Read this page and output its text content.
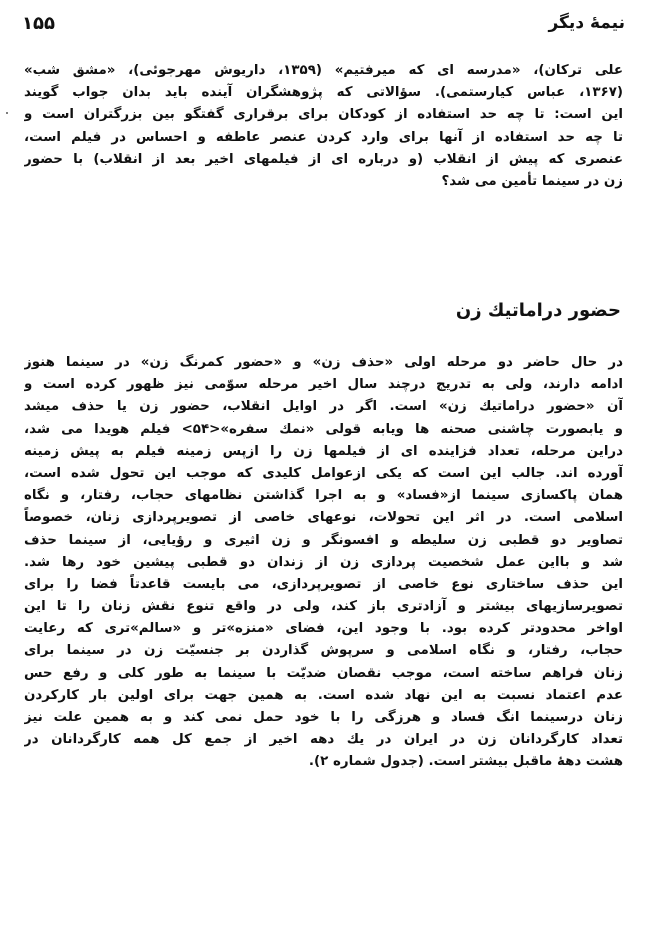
نیمهٔ دیگر
۱۵۵
علی ترکان)، «مدرسه ای که میرفتیم» (۱۳۵۹، داریوش مهرجوئی)، «مشق شب»
(۱۳۶۷، عباس کیارستمی). سؤالاتی که پژوهشگران آینده باید بدان جواب گویند
این است: تا چه حد استفاده از کودکان برای برقراری گفتگو بین بزرگتران است و
تا چه حد استفاده از آنها برای وارد کردن عنصر عاطفه و احساس در فیلم است،
عنصری که پیش از انقلاب (و درباره ای از فیلمهای اخیر بعد از انقلاب) با حضور
زن در سینما تأمین می شد؟
حضور دراماتیك زن
در حال حاضر دو مرحله اولی «حذف زن» و «حضور کمرنگ زن» در سینما هنوز
ادامه دارند، ولی به تدریج درچند سال اخیر مرحله سوّمی نیز ظهور کرده است و
آن «حضور دراماتیك زن» است. اگر در اوایل انقلاب، حضور زن یا حذف میشد
و یابصورت چاشنی صحنه ها ویابه قولی «نمك سفره»<۵۴> فیلم هویدا می شد،
دراین مرحله، تعداد فزاینده ای از فیلمها زن را ازپس زمینه فیلم به پیش زمینه
آورده اند. جالب این است که یکی ازعوامل کلیدی که موجب این تحول شده است،
همان پاکسازی سینما از«فساد» و به اجرا گذاشتن نظامهای حجاب، رفتار، و نگاه
اسلامی است. در اثر این تحولات، نوعهای خاصی از تصویرپردازی زنان، خصوصاً
تصاویر دو قطبی زن سلیطه و افسونگر و زن اثیری و رؤیایی، از سینما حذف
شد و بااین عمل شخصیت پردازی زن از زندان دو قطبی پیشین خود رها شد.
این حذف ساختاری نوع خاصی از تصویرپردازی، می بایست قاعدتاً فضا را برای
تصویرسازیهای بیشتر و آزادتری باز کند، ولی در واقع تنوع نقش زنان را تا این
اواخر محدودتر کرده بود. با وجود این، فضای «منزه»تر و «سالم»تری که رعایت
حجاب، رفتار، و نگاه اسلامی و سرپوش گذاردن بر جنسیّت زن در سینما برای
زنان فراهم ساخته است، موجب نقصان ضدیّت با سینما به طور کلی و رفع حس
عدم اعتماد نسبت به این نهاد شده است. به همین جهت برای اولین بار کارکردن
زنان درسینما انگ فساد و هرزگی را با خود حمل نمی کند و به همین علت نیز
تعداد کارگردانان زن در ایران در یك دهه اخیر از جمع کل همه کارگردانان در
هشت دههٔ ماقبل بیشتر است. (جدول شماره ۲).
